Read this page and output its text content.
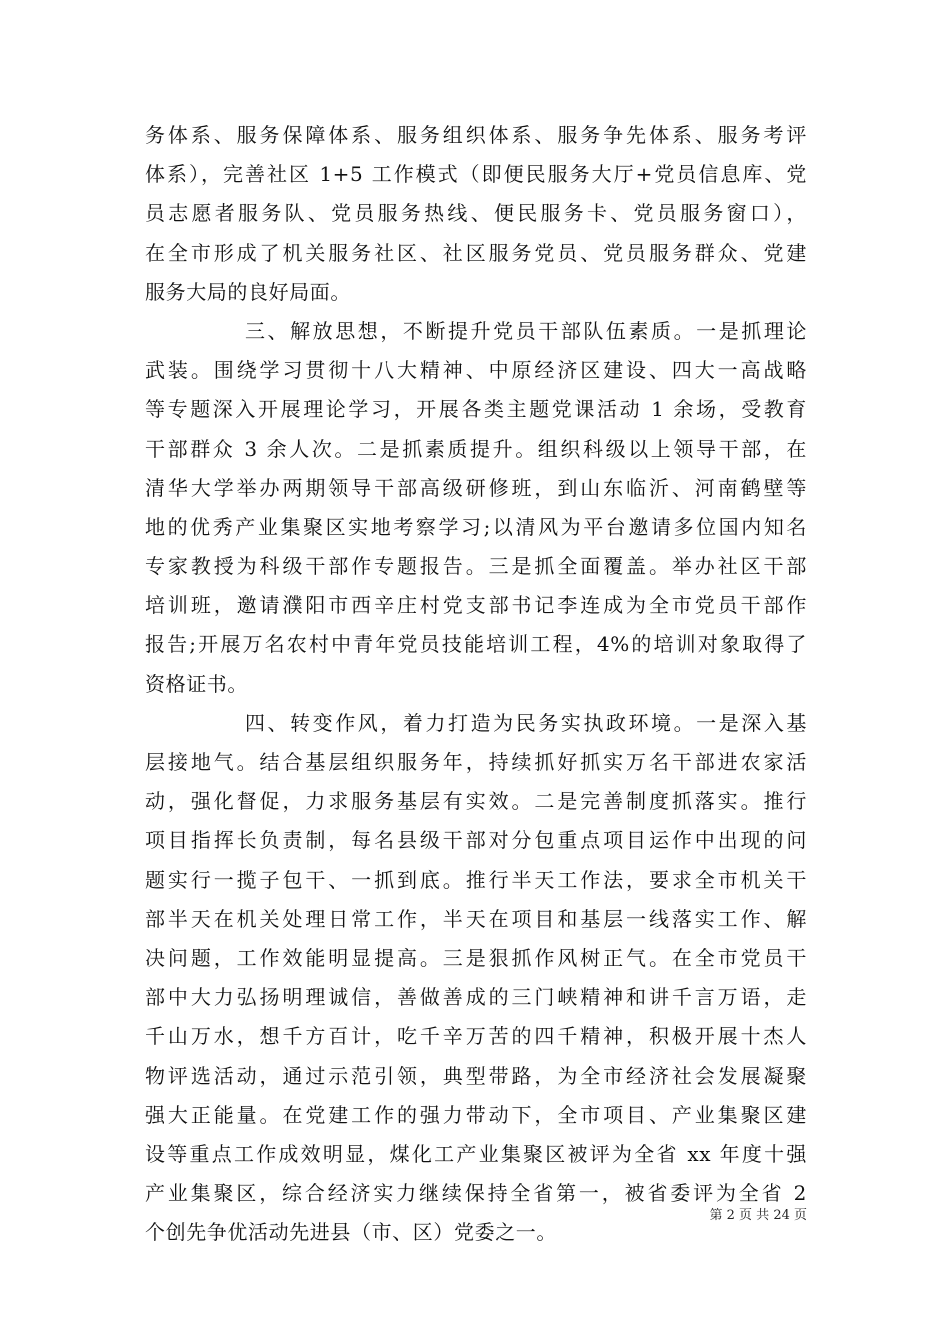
务体系、服务保障体系、服务组织体系、服务争先体系、服务考评
体系），完善社区 1+5 工作模式（即便民服务大厅+党员信息库、党
员志愿者服务队、党员服务热线、便民服务卡、党员服务窗口），
在全市形成了机关服务社区、社区服务党员、党员服务群众、党建
服务大局的良好局面。
三、解放思想，不断提升党员干部队伍素质。一是抓理论
武装。围绕学习贯彻十八大精神、中原经济区建设、四大一高战略
等专题深入开展理论学习，开展各类主题党课活动 1 余场，受教育
干部群众 3 余人次。二是抓素质提升。组织科级以上领导干部，在
清华大学举办两期领导干部高级研修班，到山东临沂、河南鹤壁等
地的优秀产业集聚区实地考察学习;以清风为平台邀请多位国内知名
专家教授为科级干部作专题报告。三是抓全面覆盖。举办社区干部
培训班，邀请濮阳市西辛庄村党支部书记李连成为全市党员干部作
报告;开展万名农村中青年党员技能培训工程，4%的培训对象取得了
资格证书。
四、转变作风，着力打造为民务实执政环境。一是深入基
层接地气。结合基层组织服务年，持续抓好抓实万名干部进农家活
动，强化督促，力求服务基层有实效。二是完善制度抓落实。推行
项目指挥长负责制，每名县级干部对分包重点项目运作中出现的问
题实行一揽子包干、一抓到底。推行半天工作法，要求全市机关干
部半天在机关处理日常工作，半天在项目和基层一线落实工作、解
决问题，工作效能明显提高。三是狠抓作风树正气。在全市党员干
部中大力弘扬明理诚信，善做善成的三门峡精神和讲千言万语，走
千山万水，想千方百计，吃千辛万苦的四千精神，积极开展十杰人
物评选活动，通过示范引领，典型带路，为全市经济社会发展凝聚
强大正能量。在党建工作的强力带动下，全市项目、产业集聚区建
设等重点工作成效明显，煤化工产业集聚区被评为全省 xx 年度十强
产业集聚区，综合经济实力继续保持全省第一，被省委评为全省 2
个创先争优活动先进县（市、区）党委之一。
第 2 页 共 24 页
